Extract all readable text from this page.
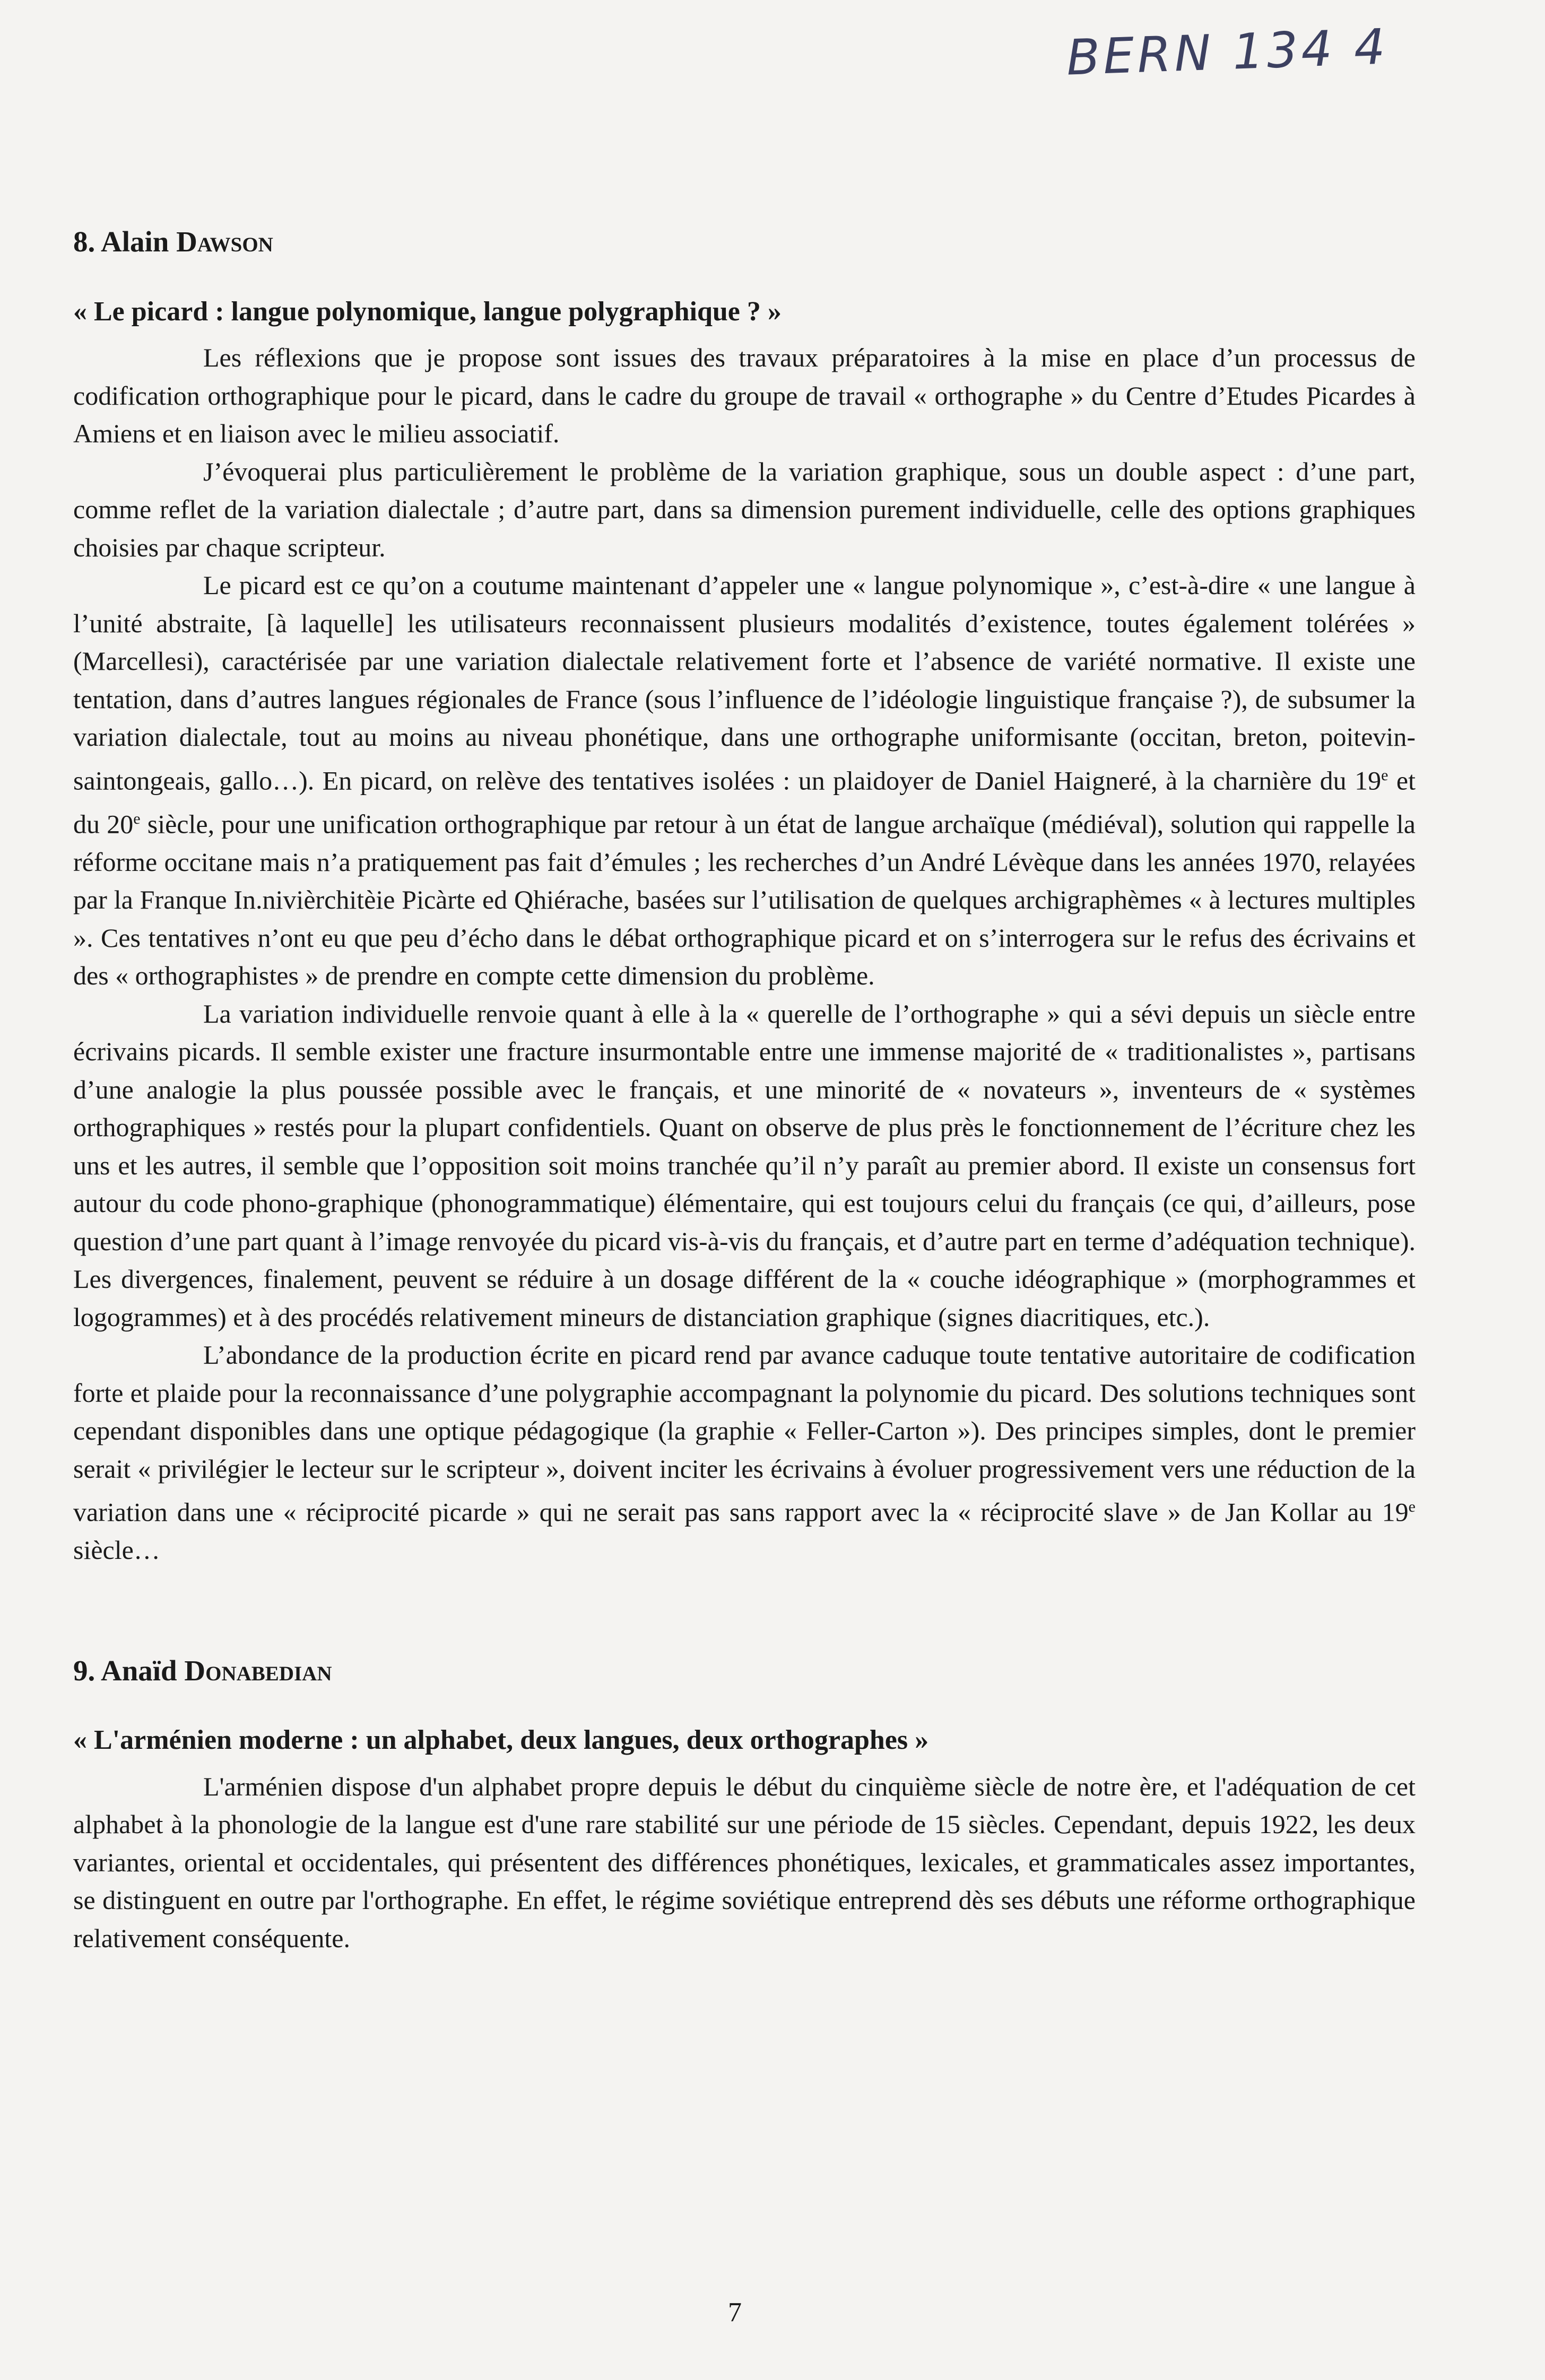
BERN 134 4
8. Alain Dawson

« Le picard : langue polynomique, langue polygraphique ? »

Les réflexions que je propose sont issues des travaux préparatoires à la mise en place d’un processus de codification orthographique pour le picard, dans le cadre du groupe de travail « orthographe » du Centre d’Etudes Picardes à Amiens et en liaison avec le milieu associatif.

J’évoquerai plus particulièrement le problème de la variation graphique, sous un double aspect : d’une part, comme reflet de la variation dialectale ; d’autre part, dans sa dimension purement individuelle, celle des options graphiques choisies par chaque scripteur.

Le picard est ce qu’on a coutume maintenant d’appeler une « langue polynomique », c’est-à-dire « une langue à l’unité abstraite, [à laquelle] les utilisateurs reconnaissent plusieurs modalités d’existence, toutes également tolérées » (Marcellesi), caractérisée par une variation dialectale relativement forte et l’absence de variété normative. Il existe une tentation, dans d’autres langues régionales de France (sous l’influence de l’idéologie linguistique française ?), de subsumer la variation dialectale, tout au moins au niveau phonétique, dans une orthographe uniformisante (occitan, breton, poitevin-saintongeais, gallo…). En picard, on relève des tentatives isolées : un plaidoyer de Daniel Haigneré, à la charnière du 19e et du 20e siècle, pour une unification orthographique par retour à un état de langue archaïque (médiéval), solution qui rappelle la réforme occitane mais n’a pratiquement pas fait d’émules ; les recherches d’un André Lévèque dans les années 1970, relayées par la Franque In.nivièrchitèie Picàrte ed Qhiérache, basées sur l’utilisation de quelques archigraphèmes « à lectures multiples ». Ces tentatives n’ont eu que peu d’écho dans le débat orthographique picard et on s’interrogera sur le refus des écrivains et des « orthographistes » de prendre en compte cette dimension du problème.

La variation individuelle renvoie quant à elle à la « querelle de l’orthographe » qui a sévi depuis un siècle entre écrivains picards. Il semble exister une fracture insurmontable entre une immense majorité de « traditionalistes », partisans d’une analogie la plus poussée possible avec le français, et une minorité de « novateurs », inventeurs de « systèmes orthographiques » restés pour la plupart confidentiels. Quant on observe de plus près le fonctionnement de l’écriture chez les uns et les autres, il semble que l’opposition soit moins tranchée qu’il n’y paraît au premier abord. Il existe un consensus fort autour du code phono-graphique (phonogrammatique) élémentaire, qui est toujours celui du français (ce qui, d’ailleurs, pose question d’une part quant à l’image renvoyée du picard vis-à-vis du français, et d’autre part en terme d’adéquation technique). Les divergences, finalement, peuvent se réduire à un dosage différent de la « couche idéographique » (morphogrammes et logogrammes) et à des procédés relativement mineurs de distanciation graphique (signes diacritiques, etc.).

L’abondance de la production écrite en picard rend par avance caduque toute tentative autoritaire de codification forte et plaide pour la reconnaissance d’une polygraphie accompagnant la polynomie du picard. Des solutions techniques sont cependant disponibles dans une optique pédagogique (la graphie « Feller-Carton »). Des principes simples, dont le premier serait « privilégier le lecteur sur le scripteur », doivent inciter les écrivains à évoluer progressivement vers une réduction de la variation dans une « réciprocité picarde » qui ne serait pas sans rapport avec la « réciprocité slave » de Jan Kollar au 19e siècle…

9. Anaïd Donabedian

« L'arménien moderne : un alphabet, deux langues, deux orthographes »

L'arménien dispose d'un alphabet propre depuis le début du cinquième siècle de notre ère, et l'adéquation de cet alphabet à la phonologie de la langue est d'une rare stabilité sur une période de 15 siècles. Cependant, depuis 1922, les deux variantes, oriental et occidentales, qui présentent des différences phonétiques, lexicales, et grammaticales assez importantes, se distinguent en outre par l'orthographe. En effet, le régime soviétique entreprend dès ses débuts une réforme orthographique relativement conséquente.

7
